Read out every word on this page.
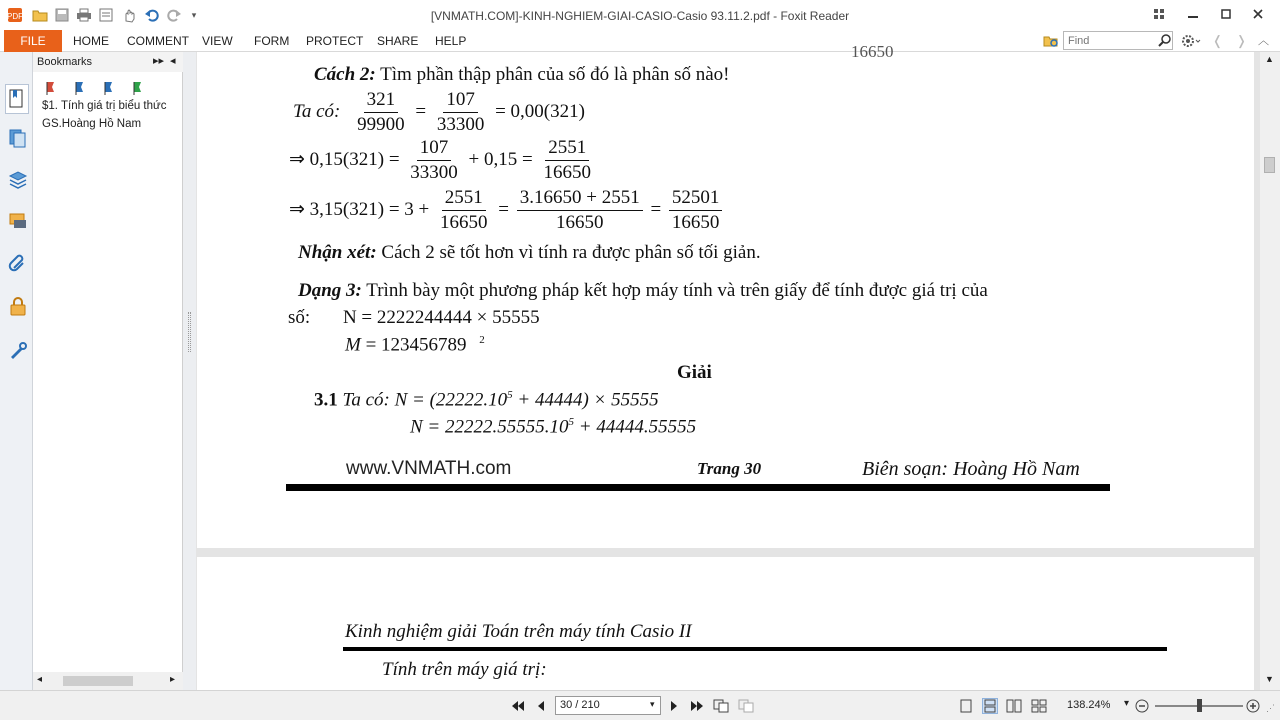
PDF	▾	[VNMATH.COM]-KINH-NGHIEM-GIAI-CASIO-Casio 93.11.2.pdf - Foxit Reader
HOME COMMENT VIEW FORM PROTECT SHARE HELP	❬ ❭ ︿
FILE
Find
Bookmarks	▸▸ ◂
$1. Tính giá trị biểu thức
GS.Hoàng Hồ Nam
◂	▸
16650
Cách 2: Tìm phần thập phân của số đó là phân số nào!
Ta có: $\frac{321}{99900} = \frac{107}{33300} = 0,00(321)$
⇒ $0,15(321) = \frac{107}{33300} + 0,15 = \frac{2551}{16650}$
⇒ $3,15(321) = 3 + \frac{2551}{16650} = \frac{3.16650 + 2551}{16650} = \frac{52501}{16650}$
Nhận xét: Cách 2 sẽ tốt hơn vì tính ra được phân số tối giản.
Dạng 3: Trình bày một phương pháp kết hợp máy tính và trên giấy để tính được giá trị của
số: N = 2222244444 × 55555
M = 123456789 $^2$
Giải
3.1 Ta có: $N = (22222.10^5 + 44444) \times 55555$
$N = 22222.55555.10^5 + 44444.55555$
www.VNMATH.com	Trang 30	Biên soạn: Hoàng Hồ Nam
Kinh nghiệm giải Toán trên máy tính Casio II
Tính trên máy giá trị:
▲
▼
30 / 210	▾	138.24% ▾	⋰
